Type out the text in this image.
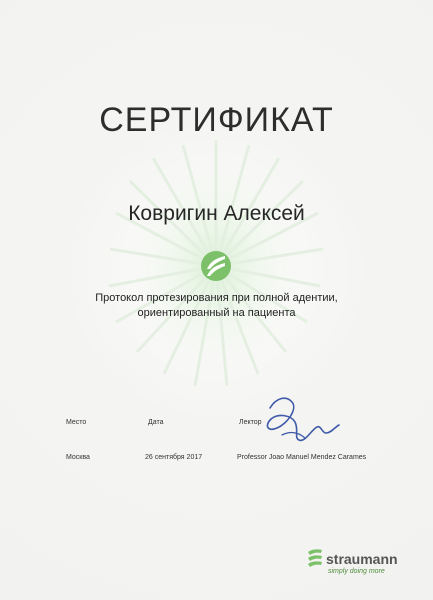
СЕРТИФИКАТ
Ковригин Алексей
Протокол протезирования при полной адентии,
ориентированный на пациента
Место	Дата	Лектор
Москва	26 сентября 2017	Professor Joao Manuel Mendez Carames
straumann
simply doing more
